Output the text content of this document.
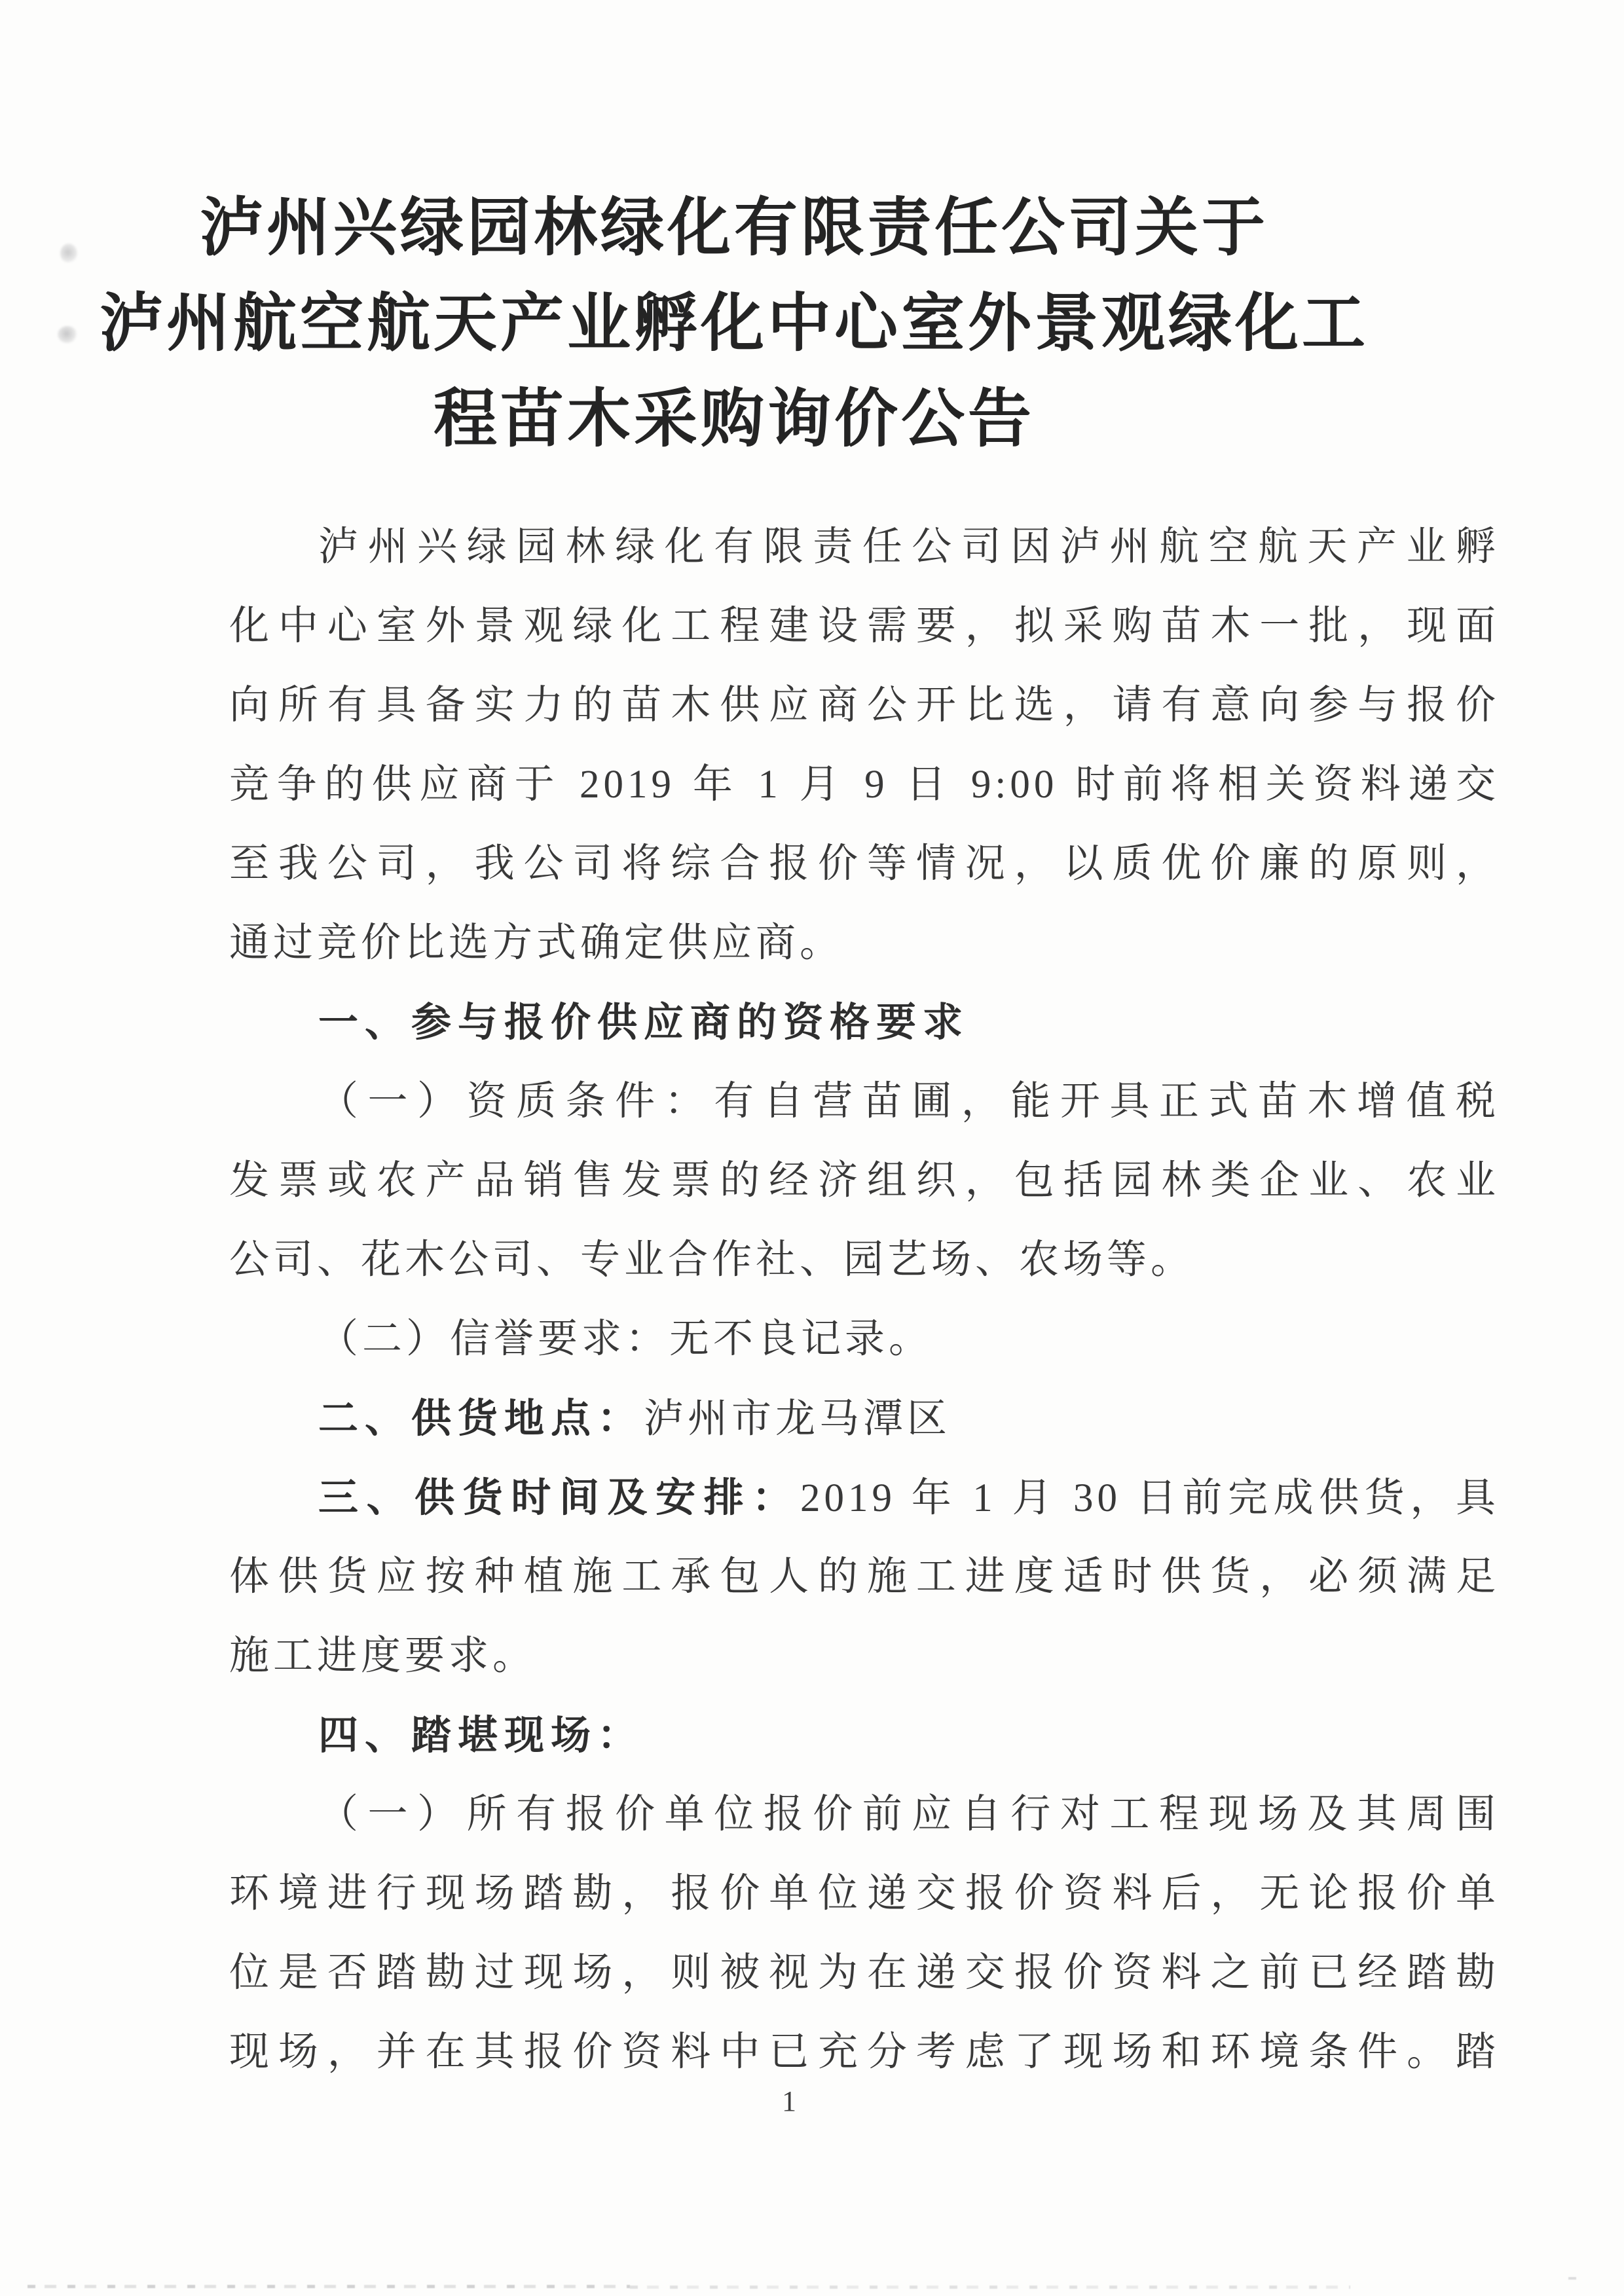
泸州兴绿园林绿化有限责任公司关于
泸州航空航天产业孵化中心室外景观绿化工
程苗木采购询价公告
泸州兴绿园林绿化有限责任公司因泸州航空航天产业孵
化中心室外景观绿化工程建设需要，拟采购苗木一批，现面
向所有具备实力的苗木供应商公开比选，请有意向参与报价
竞争的供应商于 2019 年 1 月 9 日 9:00 时前将相关资料递交
至我公司，我公司将综合报价等情况，以质优价廉的原则，
通过竞价比选方式确定供应商。
一、参与报价供应商的资格要求
（一）资质条件：有自营苗圃，能开具正式苗木增值税
发票或农产品销售发票的经济组织，包括园林类企业、农业
公司、花木公司、专业合作社、园艺场、农场等。
（二）信誉要求：无不良记录。
二、供货地点：泸州市龙马潭区
三、供货时间及安排：2019 年 1 月 30 日前完成供货，具
体供货应按种植施工承包人的施工进度适时供货，必须满足
施工进度要求。
四、踏堪现场：
（一）所有报价单位报价前应自行对工程现场及其周围
环境进行现场踏勘，报价单位递交报价资料后，无论报价单
位是否踏勘过现场，则被视为在递交报价资料之前已经踏勘
现场，并在其报价资料中已充分考虑了现场和环境条件。踏
1
